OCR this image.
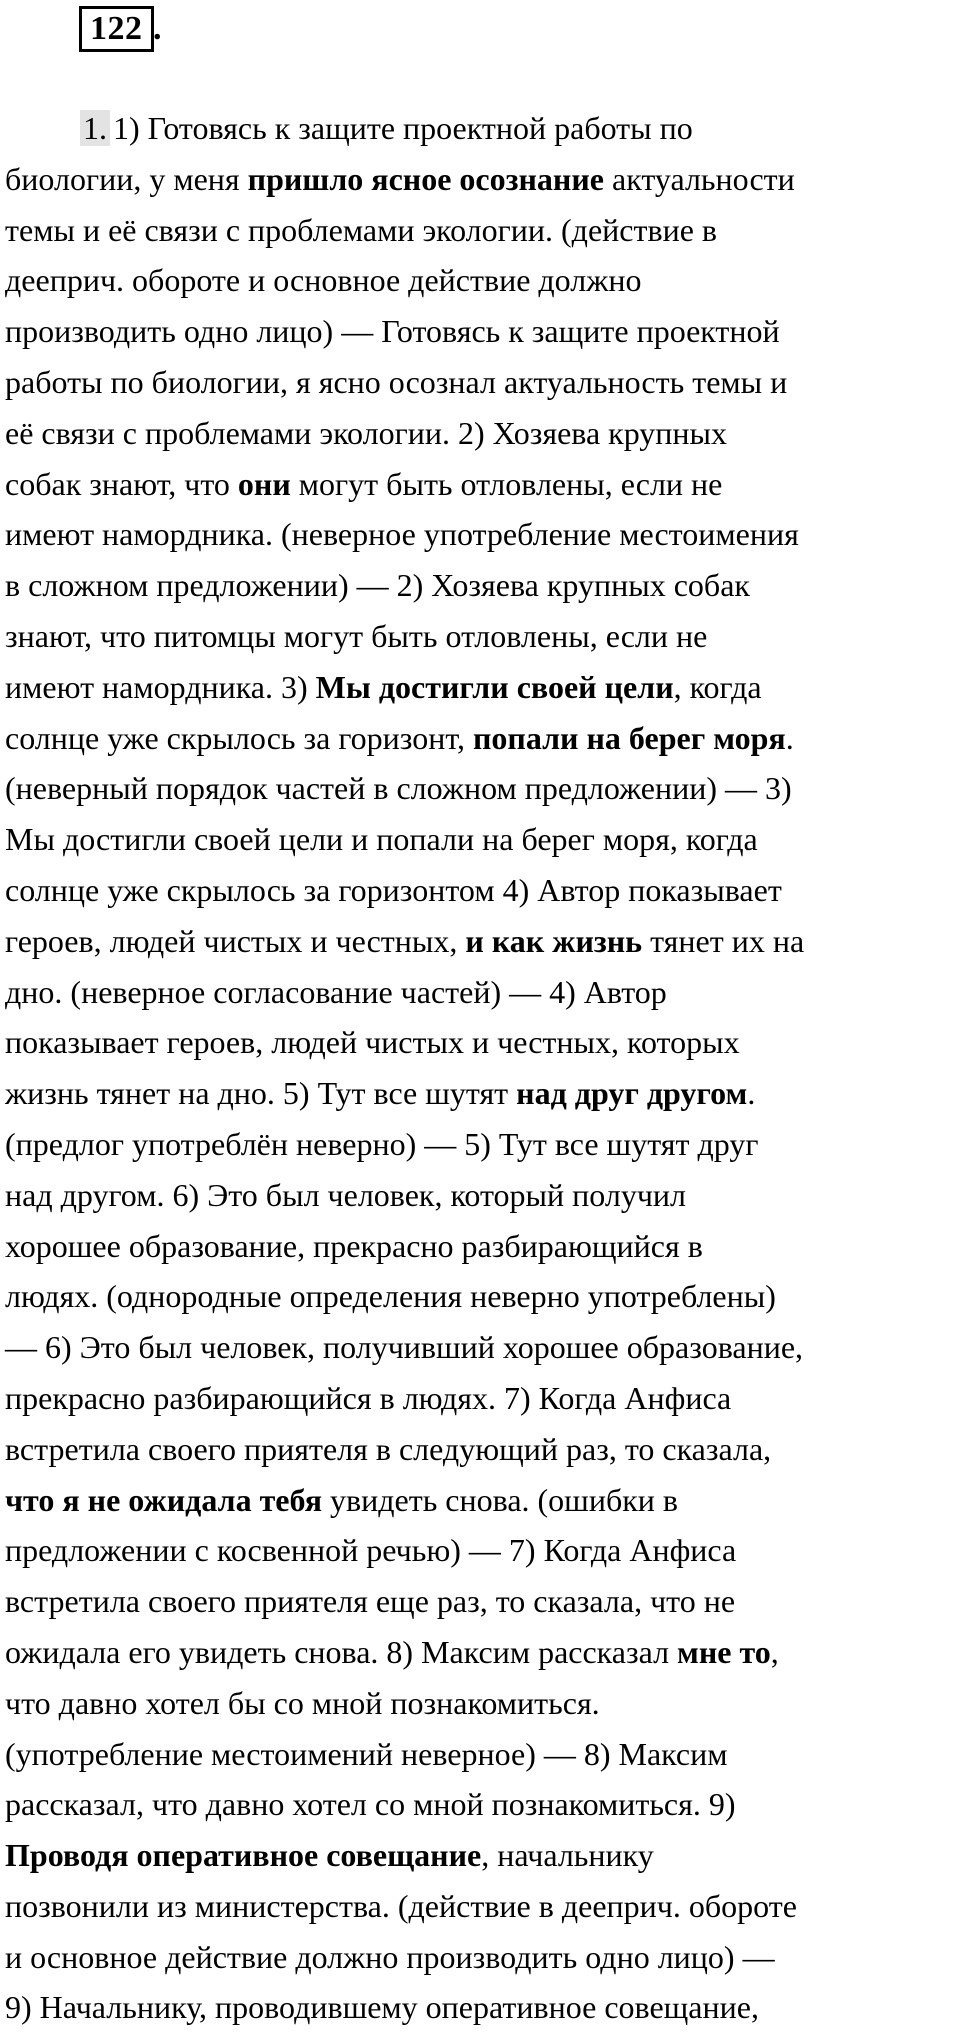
122 .
1. 1) Готовясь к защите проектной работы по
биологии, у меня пришло ясное осознание актуальности
темы и её связи с проблемами экологии. (действие в
дееприч. обороте и основное действие должно
производить одно лицо) — Готовясь к защите проектной
работы по биологии, я ясно осознал актуальность темы и
её связи с проблемами экологии. 2) Хозяева крупных
собак знают, что они могут быть отловлены, если не
имеют намордника. (неверное употребление местоимения
в сложном предложении) — 2) Хозяева крупных собак
знают, что питомцы могут быть отловлены, если не
имеют намордника. 3) Мы достигли своей цели, когда
солнце уже скрылось за горизонт, попали на берег моря.
(неверный порядок частей в сложном предложении) — 3)
Мы достигли своей цели и попали на берег моря, когда
солнце уже скрылось за горизонтом 4) Автор показывает
героев, людей чистых и честных, и как жизнь тянет их на
дно. (неверное согласование частей) — 4) Автор
показывает героев, людей чистых и честных, которых
жизнь тянет на дно. 5) Тут все шутят над друг другом.
(предлог употреблён неверно) — 5) Тут все шутят друг
над другом. 6) Это был человек, который получил
хорошее образование, прекрасно разбирающийся в
людях. (однородные определения неверно употреблены)
— 6) Это был человек, получивший хорошее образование,
прекрасно разбирающийся в людях. 7) Когда Анфиса
встретила своего приятеля в следующий раз, то сказала,
что я не ожидала тебя увидеть снова. (ошибки в
предложении с косвенной речью) — 7) Когда Анфиса
встретила своего приятеля еще раз, то сказала, что не
ожидала его увидеть снова. 8) Максим рассказал мне то,
что давно хотел бы со мной познакомиться.
(употребление местоимений неверное) — 8) Максим
рассказал, что давно хотел со мной познакомиться. 9)
Проводя оперативное совещание, начальнику
позвонили из министерства. (действие в дееприч. обороте
и основное действие должно производить одно лицо) —
9) Начальнику, проводившему оперативное совещание,
